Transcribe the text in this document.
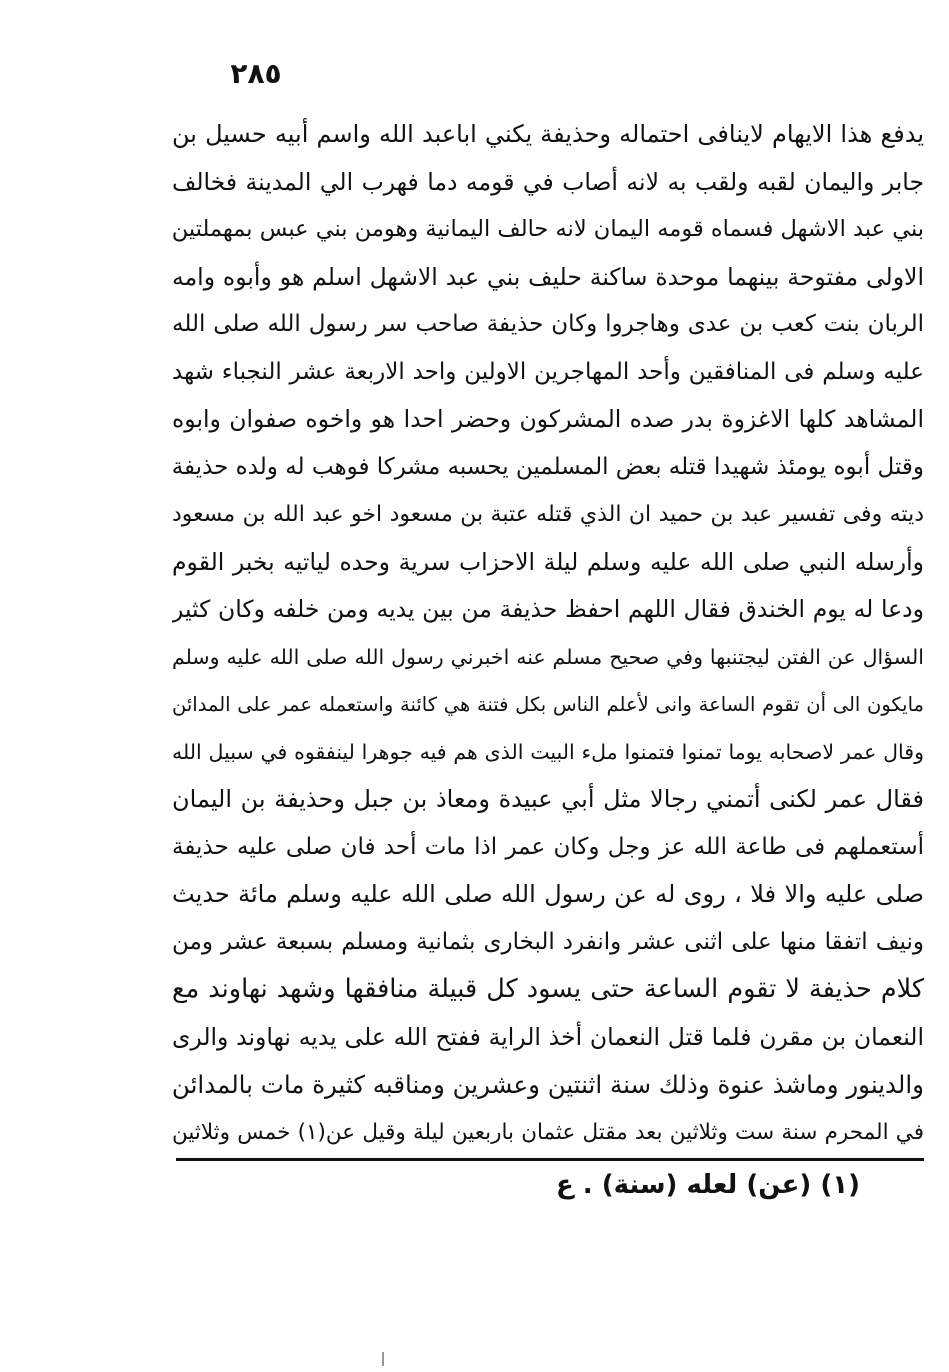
٢٨٥
يدفع هذا الايهام لاينافى احتماله وحذيفة يكني اباعبد الله واسم أبيه حسيل بن
جابر واليمان لقبه ولقب به لانه أصاب في قومه دما فهرب الي المدينة فخالف
بني عبد الاشهل فسماه قومه اليمان لانه حالف اليمانية وهومن بني عبس بمهملتين
الاولى مفتوحة بينهما موحدة ساكنة حليف بني عبد الاشهل اسلم هو وأبوه وامه
الربان بنت كعب بن عدى وهاجروا وكان حذيفة صاحب سر رسول الله صلى الله
عليه وسلم فى المنافقين وأحد المهاجرين الاولين واحد الاربعة عشر النجباء شهد
المشاهد كلها الاغزوة بدر صده المشركون وحضر احدا هو واخوه صفوان وابوه
وقتل أبوه يومئذ شهيدا قتله بعض المسلمين يحسبه مشركا فوهب له ولده حذيفة
ديته وفى تفسير عبد بن حميد ان الذي قتله عتبة بن مسعود اخو عبد الله بن مسعود
وأرسله النبي صلى الله عليه وسلم ليلة الاحزاب سرية وحده لياتيه بخبر القوم
ودعا له يوم الخندق فقال اللهم احفظ حذيفة من بين يديه ومن خلفه وكان كثير
السؤال عن الفتن ليجتنبها وفي صحيح مسلم عنه اخبرني رسول الله صلى الله عليه وسلم
مايكون الى أن تقوم الساعة وانى لأعلم الناس بكل فتنة هي كائنة واستعمله عمر على المدائن
وقال عمر لاصحابه يوما تمنوا فتمنوا ملء البيت الذى هم فيه جوهرا لينفقوه في سبيل الله
فقال عمر لكنى أتمني رجالا مثل أبي عبيدة ومعاذ بن جبل وحذيفة بن اليمان
أستعملهم فى طاعة الله عز وجل وكان عمر اذا مات أحد فان صلى عليه حذيفة
صلى عليه والا فلا ، روى له عن رسول الله صلى الله عليه وسلم مائة حديث
ونيف اتفقا منها على اثنى عشر وانفرد البخارى بثمانية ومسلم بسبعة عشر ومن
كلام حذيفة لا تقوم الساعة حتى يسود كل قبيلة منافقها وشهد نهاوند مع
النعمان بن مقرن فلما قتل النعمان أخذ الراية ففتح الله على يديه نهاوند والرى
والدينور وماشذ عنوة وذلك سنة اثنتين وعشرين ومناقبه كثيرة مات بالمدائن
في المحرم سنة ست وثلاثين بعد مقتل عثمان باربعين ليلة وقيل عن(١) خمس وثلاثين
(١) (عن) لعله (سنة) . ع
